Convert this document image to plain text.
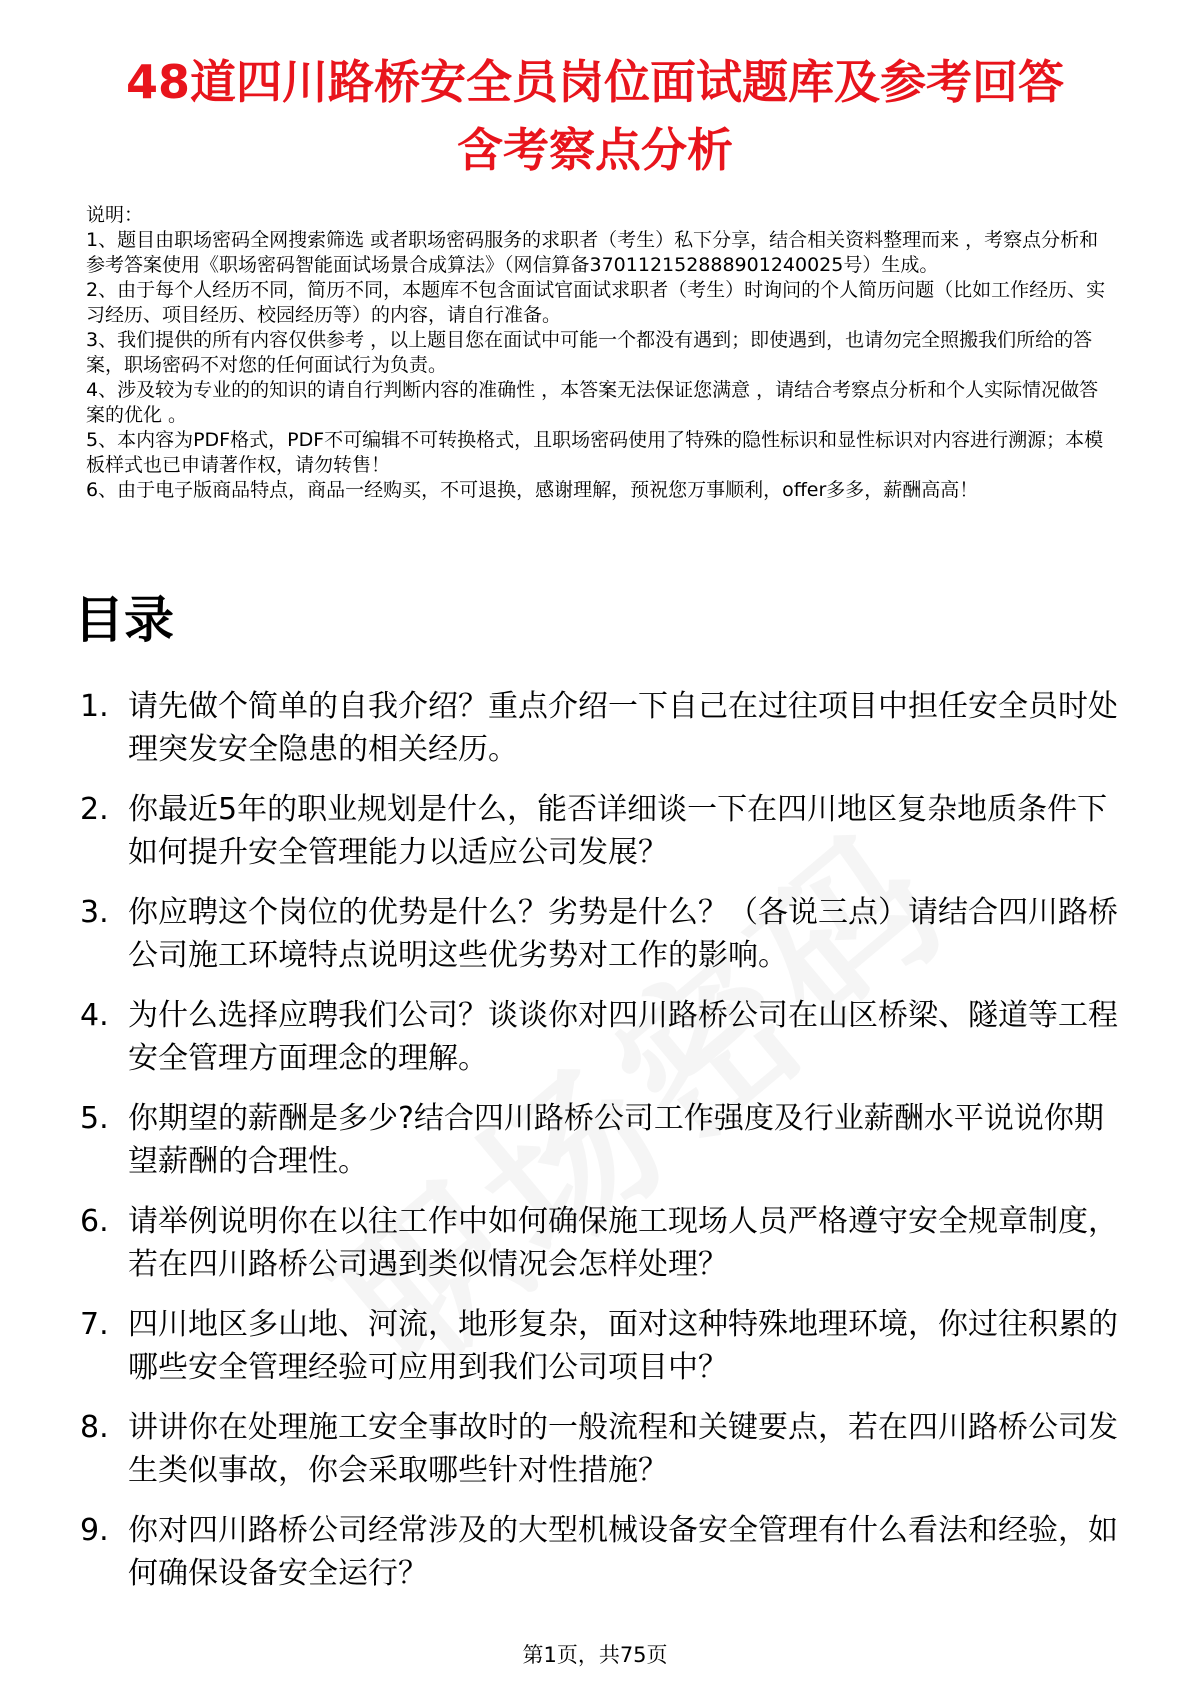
48道四川路桥安全员岗位面试题库及参考回答
含考察点分析

说明：

1、题目由职场密码全网搜索筛选 或者职场密码服务的求职者（考生）私下分享，结合相关资料整理而来 ，考察点分析和参考答案使用《职场密码智能面试场景合成算法》（网信算备370112152888901240025号）生成。

2、由于每个人经历不同，简历不同，本题库不包含面试官面试求职者（考生）时询问的个人简历问题（比如工作经历、实习经历、项目经历、校园经历等）的内容，请自行准备。

3、我们提供的所有内容仅供参考 ，以上题目您在面试中可能一个都没有遇到；即使遇到，也请勿完全照搬我们所给的答案，职场密码不对您的任何面试行为负责。

4、涉及较为专业的的知识的请自行判断内容的准确性 ，本答案无法保证您满意 ，请结合考察点分析和个人实际情况做答案的优化 。

5、本内容为PDF格式，PDF不可编辑不可转换格式，且职场密码使用了特殊的隐性标识和显性标识对内容进行溯源；本模板样式也已申请著作权，请勿转售！

6、由于电子版商品特点，商品一经购买，不可退换，感谢理解，预祝您万事顺利，offer多多，薪酬高高！

目录
1. 请先做个简单的自我介绍？重点介绍一下自己在过往项目中担任安全员时处理突发安全隐患的相关经历。
2. 你最近5年的职业规划是什么，能否详细谈一下在四川地区复杂地质条件下如何提升安全管理能力以适应公司发展？
3. 你应聘这个岗位的优势是什么？劣势是什么？（各说三点）请结合四川路桥公司施工环境特点说明这些优劣势对工作的影响。
4. 为什么选择应聘我们公司？谈谈你对四川路桥公司在山区桥梁、隧道等工程安全管理方面理念的理解。
5. 你期望的薪酬是多少?结合四川路桥公司工作强度及行业薪酬水平说说你期望薪酬的合理性。
6. 请举例说明你在以往工作中如何确保施工现场人员严格遵守安全规章制度，若在四川路桥公司遇到类似情况会怎样处理？
7. 四川地区多山地、河流，地形复杂，面对这种特殊地理环境，你过往积累的哪些安全管理经验可应用到我们公司项目中？
8. 讲讲你在处理施工安全事故时的一般流程和关键要点，若在四川路桥公司发生类似事故，你会采取哪些针对性措施？
9. 你对四川路桥公司经常涉及的大型机械设备安全管理有什么看法和经验，如何确保设备安全运行？
第1页，共75页
